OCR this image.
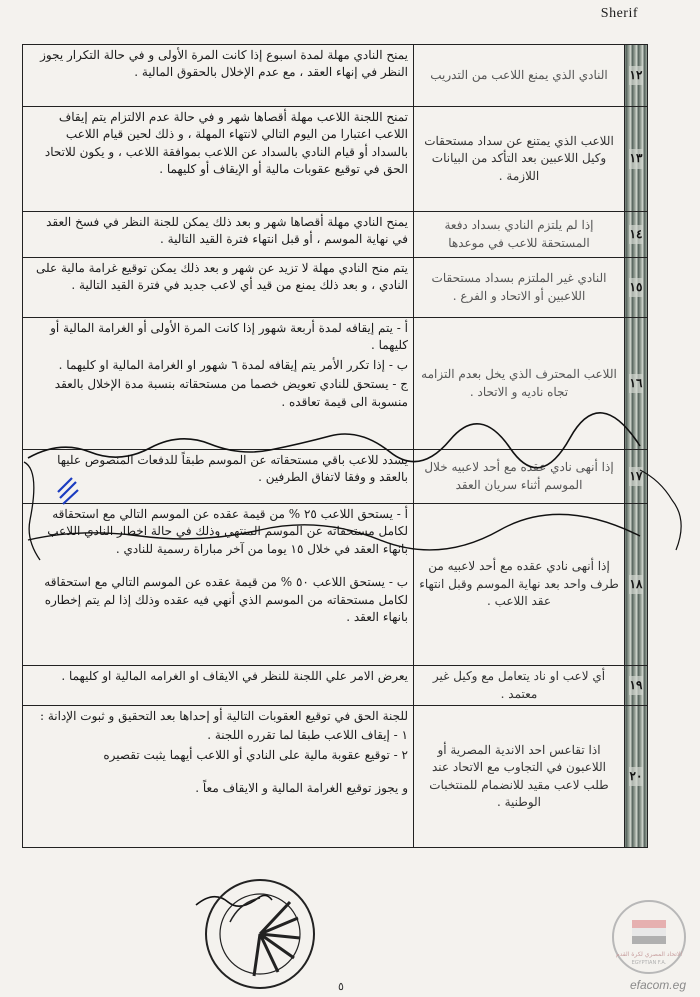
Sherif
١٢	النادي الذي يمنع اللاعب من التدريب	يمنح النادي مهلة لمدة اسبوع إذا كانت المرة الأولى و في حالة التكرار يجوز النظر في إنهاء العقد ، مع عدم الإخلال بالحقوق المالية .

١٣	اللاعب الذي يمتنع عن سداد مستحقات وكيل اللاعبين بعد التأكد من البيانات اللازمة .	تمنح اللجنة اللاعب مهلة أقصاها شهر و في حالة عدم الالتزام يتم إيقاف اللاعب اعتبارا من اليوم التالي لانتهاء المهلة ، و ذلك لحين قيام اللاعب بالسداد أو قيام النادي بالسداد عن اللاعب بموافقة اللاعب ، و يكون للاتحاد الحق في توقيع عقوبات مالية أو الإيقاف أو كليهما .

١٤	إذا لم يلتزم النادي بسداد دفعة المستحقة للاعب في موعدها	يمنح النادي مهلة أقصاها شهر و بعد ذلك يمكن للجنة النظر في فسخ العقد في نهاية الموسم ، أو قبل انتهاء فترة القيد التالية .

١٥	النادي غير الملتزم بسداد مستحقات اللاعبين أو الاتحاد و الفرع .	يتم منح النادي مهلة لا تزيد عن شهر و بعد ذلك يمكن توقيع غرامة مالية على النادي ، و بعد ذلك يمنع من قيد أي لاعب جديد في فترة القيد التالية .

١٦	اللاعب المحترف الذي يخل بعدم التزامه تجاه ناديه و الاتحاد .	أ - يتم إيقافه لمدة أربعة شهور إذا كانت المرة الأولى أو الغرامة المالية أو كليهما .

ب - إذا تكرر الأمر يتم إيقافه لمدة ٦ شهور او الغرامة المالية او كليهما .

ج - يستحق للنادي تعويض خصما من مستحقاته بنسبة مدة الإخلال بالعقد منسوبة الى قيمة تعاقده .

١٧	إذا أنهى نادي عقده مع أحد لاعبيه خلال الموسم أثناء سريان العقد	يسدد للاعب باقي مستحقاته عن الموسم طبقاً للدفعات المنصوص عليها بالعقد و وفقا لاتفاق الطرفين .

١٨	إذا أنهى نادي عقده مع أحد لاعبيه من طرف واحد بعد نهاية الموسم وقبل انتهاء عقد اللاعب .	أ - يستحق اللاعب ٢٥ % من قيمة عقده عن الموسم التالي مع استحقاقه لكامل مستحقاته عن الموسم المنتهي وذلك في حالة اخطار النادي اللاعب بانهاء العقد في خلال ١٥ يوما من آخر مباراة رسمية للنادي .

ب - يستحق اللاعب ٥٠ % من قيمة عقده عن الموسم التالي مع استحقاقه لكامل مستحقاته من الموسم الذي أنهي فيه عقده وذلك إذا لم يتم إخطاره بانهاء العقد .

١٩	أي لاعب او ناد يتعامل مع وكيل غير معتمد .	يعرض الامر علي اللجنة للنظر في الايقاف او الغرامه المالية او كليهما .

٢٠	اذا تقاعس احد الاندية المصرية أو اللاعبون في التجاوب مع الاتحاد عند طلب لاعب مقيد للانضمام للمنتخبات الوطنية .	للجنة الحق في توقيع العقوبات التالية أو إحداها بعد التحقيق و ثبوت الإدانة :

١ - إيقاف اللاعب طبقا لما تقرره اللجنة .

٢ - توقيع عقوبة مالية على النادي أو اللاعب أيهما يثبت تقصيره

و يجوز توقيع الغرامة المالية و الايقاف معاً .

الاتحاد المصري لكرة القدم
EGYPTIAN F.A.
efacom.eg
٥
